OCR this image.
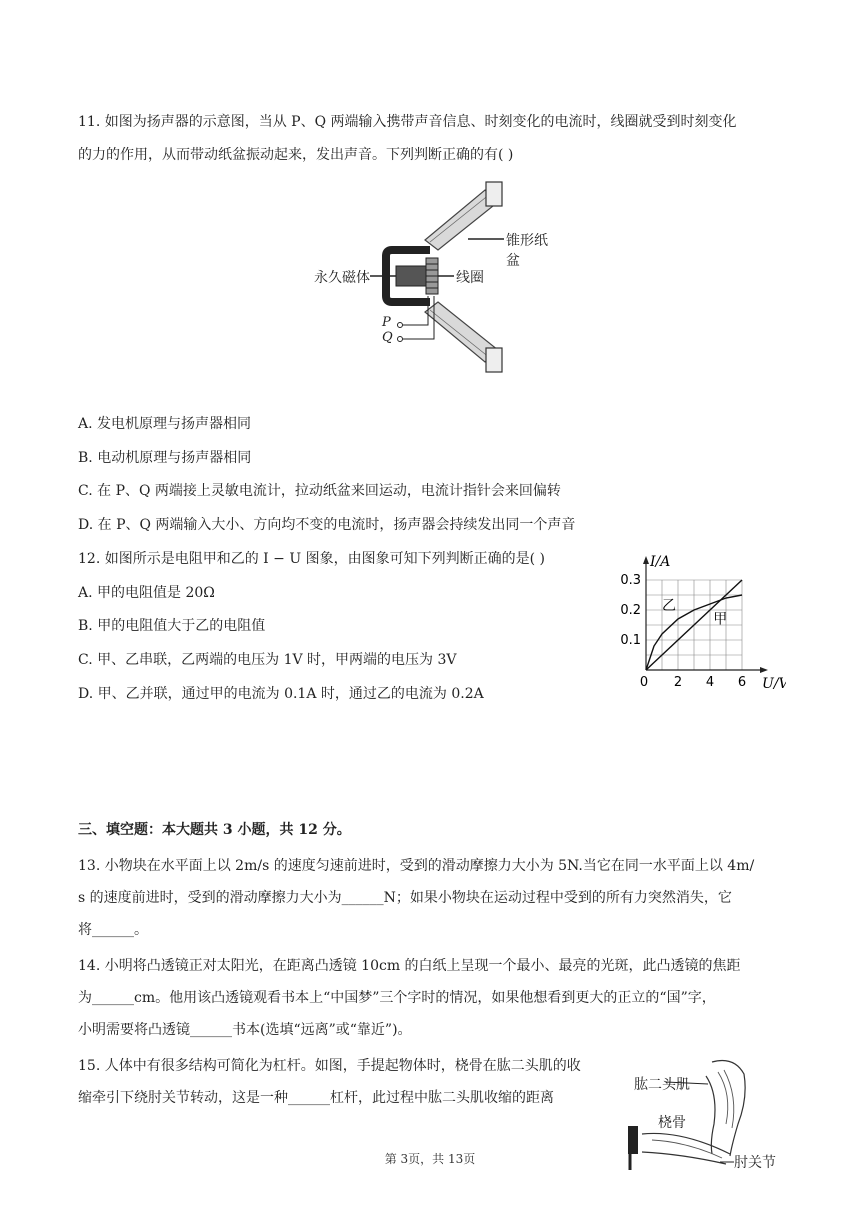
11. 如图为扬声器的示意图，当从 P、Q 两端输入携带声音信息、时刻变化的电流时，线圈就受到时刻变化
的力的作用，从而带动纸盆振动起来，发出声音。下列判断正确的有( )
锥形纸盆
永久磁体	线圈
P
Q
A. 发电机原理与扬声器相同
B. 电动机原理与扬声器相同
C. 在 P、Q 两端接上灵敏电流计，拉动纸盆来回运动，电流计指针会来回偏转
D. 在 P、Q 两端输入大小、方向均不变的电流时，扬声器会持续发出同一个声音
12. 如图所示是电阻甲和乙的 I − U 图象，由图象可知下列判断正确的是( )
A. 甲的电阻值是 20Ω
B. 甲的电阻值大于乙的电阻值
C. 甲、乙串联，乙两端的电压为 1V 时，甲两端的电压为 3V
D. 甲、乙并联，通过甲的电流为 0.1A 时，通过乙的电流为 0.2A
0 2 4 6
0.1
0.2
0.3
I/A
U/V
甲
乙
三、填空题：本大题共 3 小题，共 12 分。
13. 小物块在水平面上以 2m/s 的速度匀速前进时，受到的滑动摩擦力大小为 5N.当它在同一水平面上以 4m/
s 的速度前进时，受到的滑动摩擦力大小为______N；如果小物块在运动过程中受到的所有力突然消失，它
将______。
14. 小明将凸透镜正对太阳光，在距离凸透镜 10cm 的白纸上呈现一个最小、最亮的光斑，此凸透镜的焦距
为______cm。他用该凸透镜观看书本上“中国梦”三个字时的情况，如果他想看到更大的正立的“国”字，
小明需要将凸透镜______书本(选填“远离”或“靠近”)。
15. 人体中有很多结构可简化为杠杆。如图，手提起物体时，桡骨在肱二头肌的收
缩牵引下绕肘关节转动，这是一种______杠杆，此过程中肱二头肌收缩的距离
肱二头肌
桡骨
肘关节
第 3页，共 13页
